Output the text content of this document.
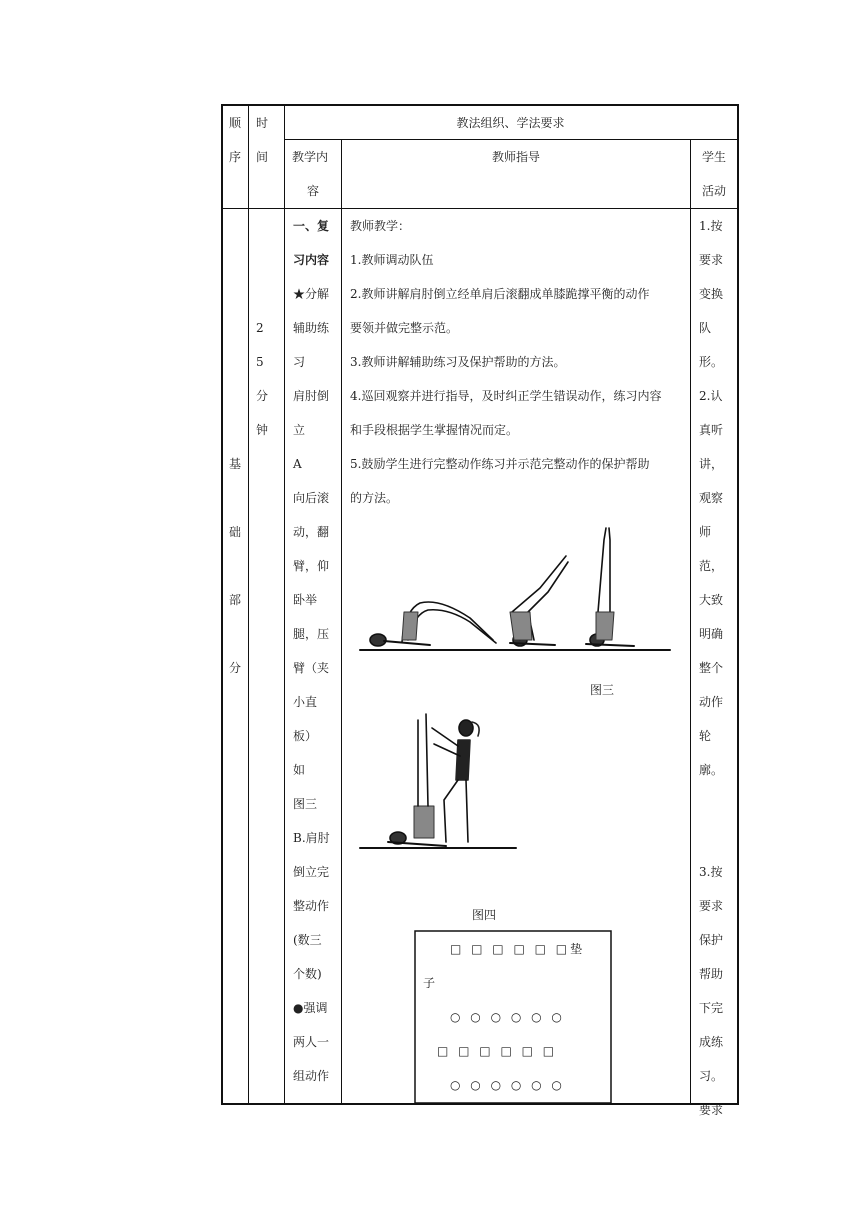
顺
序
时
间
教法组织、学法要求
教学内
容
教师指导	学生
活动
基
础
部
分
2
5
分
钟
一、复
习内容
★分解
辅助练
习
肩肘倒
立
A
向后滚
动，翻
臂，仰
卧举
腿，压
臂（夹
小直
板）
如
图三
B.肩肘
倒立完
整动作
(数三
个数)
●强调
两人一
组动作
教师教学：
1.教师调动队伍
2.教师讲解肩肘倒立经单肩后滚翻成单膝跪撑平衡的动作
要领并做完整示范。
3.教师讲解辅助练习及保护帮助的方法。
4.巡回观察并进行指导，及时纠正学生错误动作，练习内容
和手段根据学生掌握情况而定。
5.鼓励学生进行完整动作练习并示范完整动作的保护帮助
的方法。
图三
图四
□ □ □ □ □ □垫
子
○ ○ ○ ○ ○ ○
□ □ □ □ □ □
○ ○ ○ ○ ○ ○
1.按
要求
变换
队
形。
2.认
真听
讲，
观察
师
范，
大致
明确
整个
动作
轮
廓。
3.按
要求
保护
帮助
下完
成练
习。
要求
